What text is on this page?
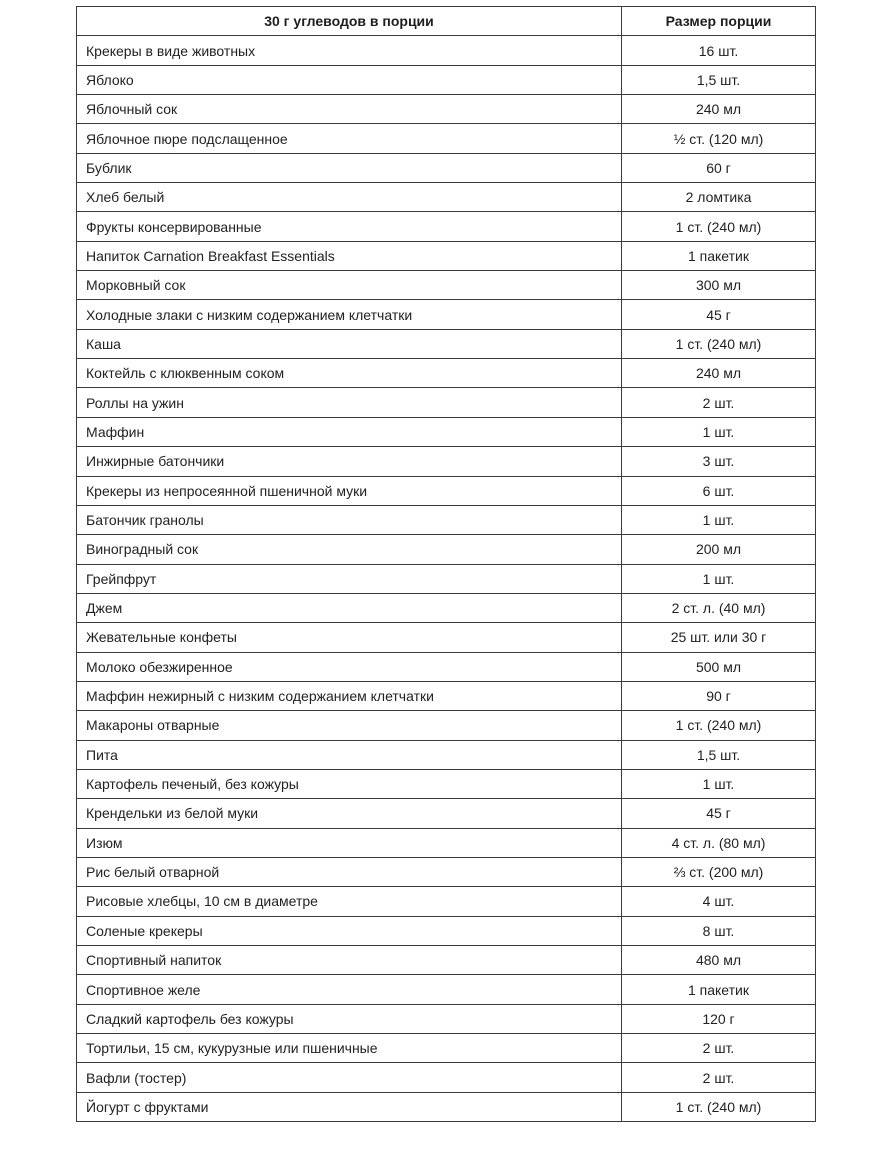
30 г углеводов в порции	Размер порции
Крекеры в виде животных	16 шт.
Яблоко	1,5 шт.
Яблочный сок	240 мл
Яблочное пюре подслащенное	½ ст. (120 мл)
Бублик	60 г
Хлеб белый	2 ломтика
Фрукты консервированные	1 ст. (240 мл)
Напиток Carnation Breakfast Essentials	1 пакетик
Морковный сок	300 мл
Холодные злаки с низким содержанием клетчатки	45 г
Каша	1 ст. (240 мл)
Коктейль с клюквенным соком	240 мл
Роллы на ужин	2 шт.
Маффин	1 шт.
Инжирные батончики	3 шт.
Крекеры из непросеянной пшеничной муки	6 шт.
Батончик гранолы	1 шт.
Виноградный сок	200 мл
Грейпфрут	1 шт.
Джем	2 ст. л. (40 мл)
Жевательные конфеты	25 шт. или 30 г
Молоко обезжиренное	500 мл
Маффин нежирный с низким содержанием клетчатки	90 г
Макароны отварные	1 ст. (240 мл)
Пита	1,5 шт.
Картофель печеный, без кожуры	1 шт.
Крендельки из белой муки	45 г
Изюм	4 ст. л. (80 мл)
Рис белый отварной	⅔ ст. (200 мл)
Рисовые хлебцы, 10 см в диаметре	4 шт.
Соленые крекеры	8 шт.
Спортивный напиток	480 мл
Спортивное желе	1 пакетик
Сладкий картофель без кожуры	120 г
Тортильи, 15 см, кукурузные или пшеничные	2 шт.
Вафли (тостер)	2 шт.
Йогурт с фруктами	1 ст. (240 мл)
